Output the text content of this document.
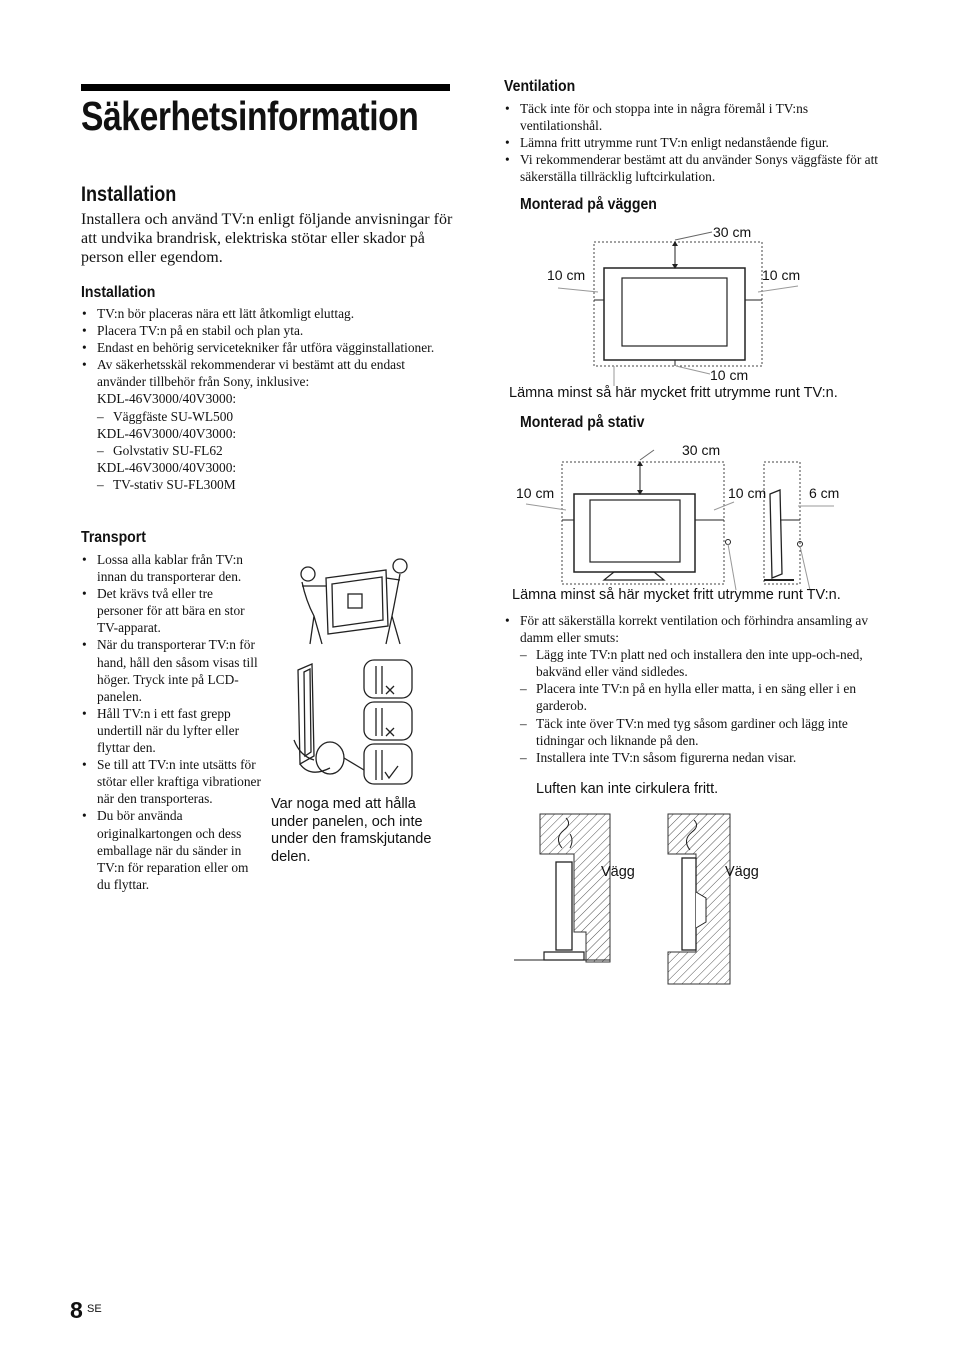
Säkerhetsinformation
Installation
Installera och använd TV:n enligt följande anvisningar för att undvika brandrisk, elektriska stötar eller skador på person eller egendom.
Installation
• TV:n bör placeras nära ett lätt åtkomligt eluttag.
• Placera TV:n på en stabil och plan yta.
• Endast en behörig servicetekniker får utföra vägginstallationer.
• Av säkerhetsskäl rekommenderar vi bestämt att du endast använder tillbehör från Sony, inklusive:
KDL-46V3000/40V3000:
– Väggfäste SU-WL500
KDL-46V3000/40V3000:
– Golvstativ SU-FL62
KDL-46V3000/40V3000:
– TV-stativ SU-FL300M
Transport
• Lossa alla kablar från TV:n innan du transporterar den.
• Det krävs två eller tre personer för att bära en stor TV-apparat.
• När du transporterar TV:n för hand, håll den såsom visas till höger. Tryck inte på LCD-panelen.
• Håll TV:n i ett fast grepp undertill när du lyfter eller flyttar den.
• Se till att TV:n inte utsätts för stötar eller kraftiga vibrationer när den transporteras.
• Du bör använda originalkartongen och dess emballage när du sänder in TV:n för reparation eller om du flyttar.
Var noga med att hålla under panelen, och inte under den framskjutande delen.
Ventilation
• Täck inte för och stoppa inte in några föremål i TV:ns ventilationshål.
• Lämna fritt utrymme runt TV:n enligt nedanstående figur.
• Vi rekommenderar bestämt att du använder Sonys väggfäste för att säkerställa tillräcklig luftcirkulation.
Monterad på väggen
30 cm
10 cm	10 cm
10 cm
Lämna minst så här mycket fritt utrymme runt TV:n.
Monterad på stativ
30 cm
10 cm	10 cm	6 cm
Lämna minst så här mycket fritt utrymme runt TV:n.
• För att säkerställa korrekt ventilation och förhindra ansamling av damm eller smuts:
– Lägg inte TV:n platt ned och installera den inte upp-och-ned, bakvänd eller vänd sidledes.
– Placera inte TV:n på en hylla eller matta, i en säng eller i en garderob.
– Täck inte över TV:n med tyg såsom gardiner och lägg inte tidningar och liknande på den.
– Installera inte TV:n såsom figurerna nedan visar.
Luften kan inte cirkulera fritt.
Vägg	Vägg
8 SE
